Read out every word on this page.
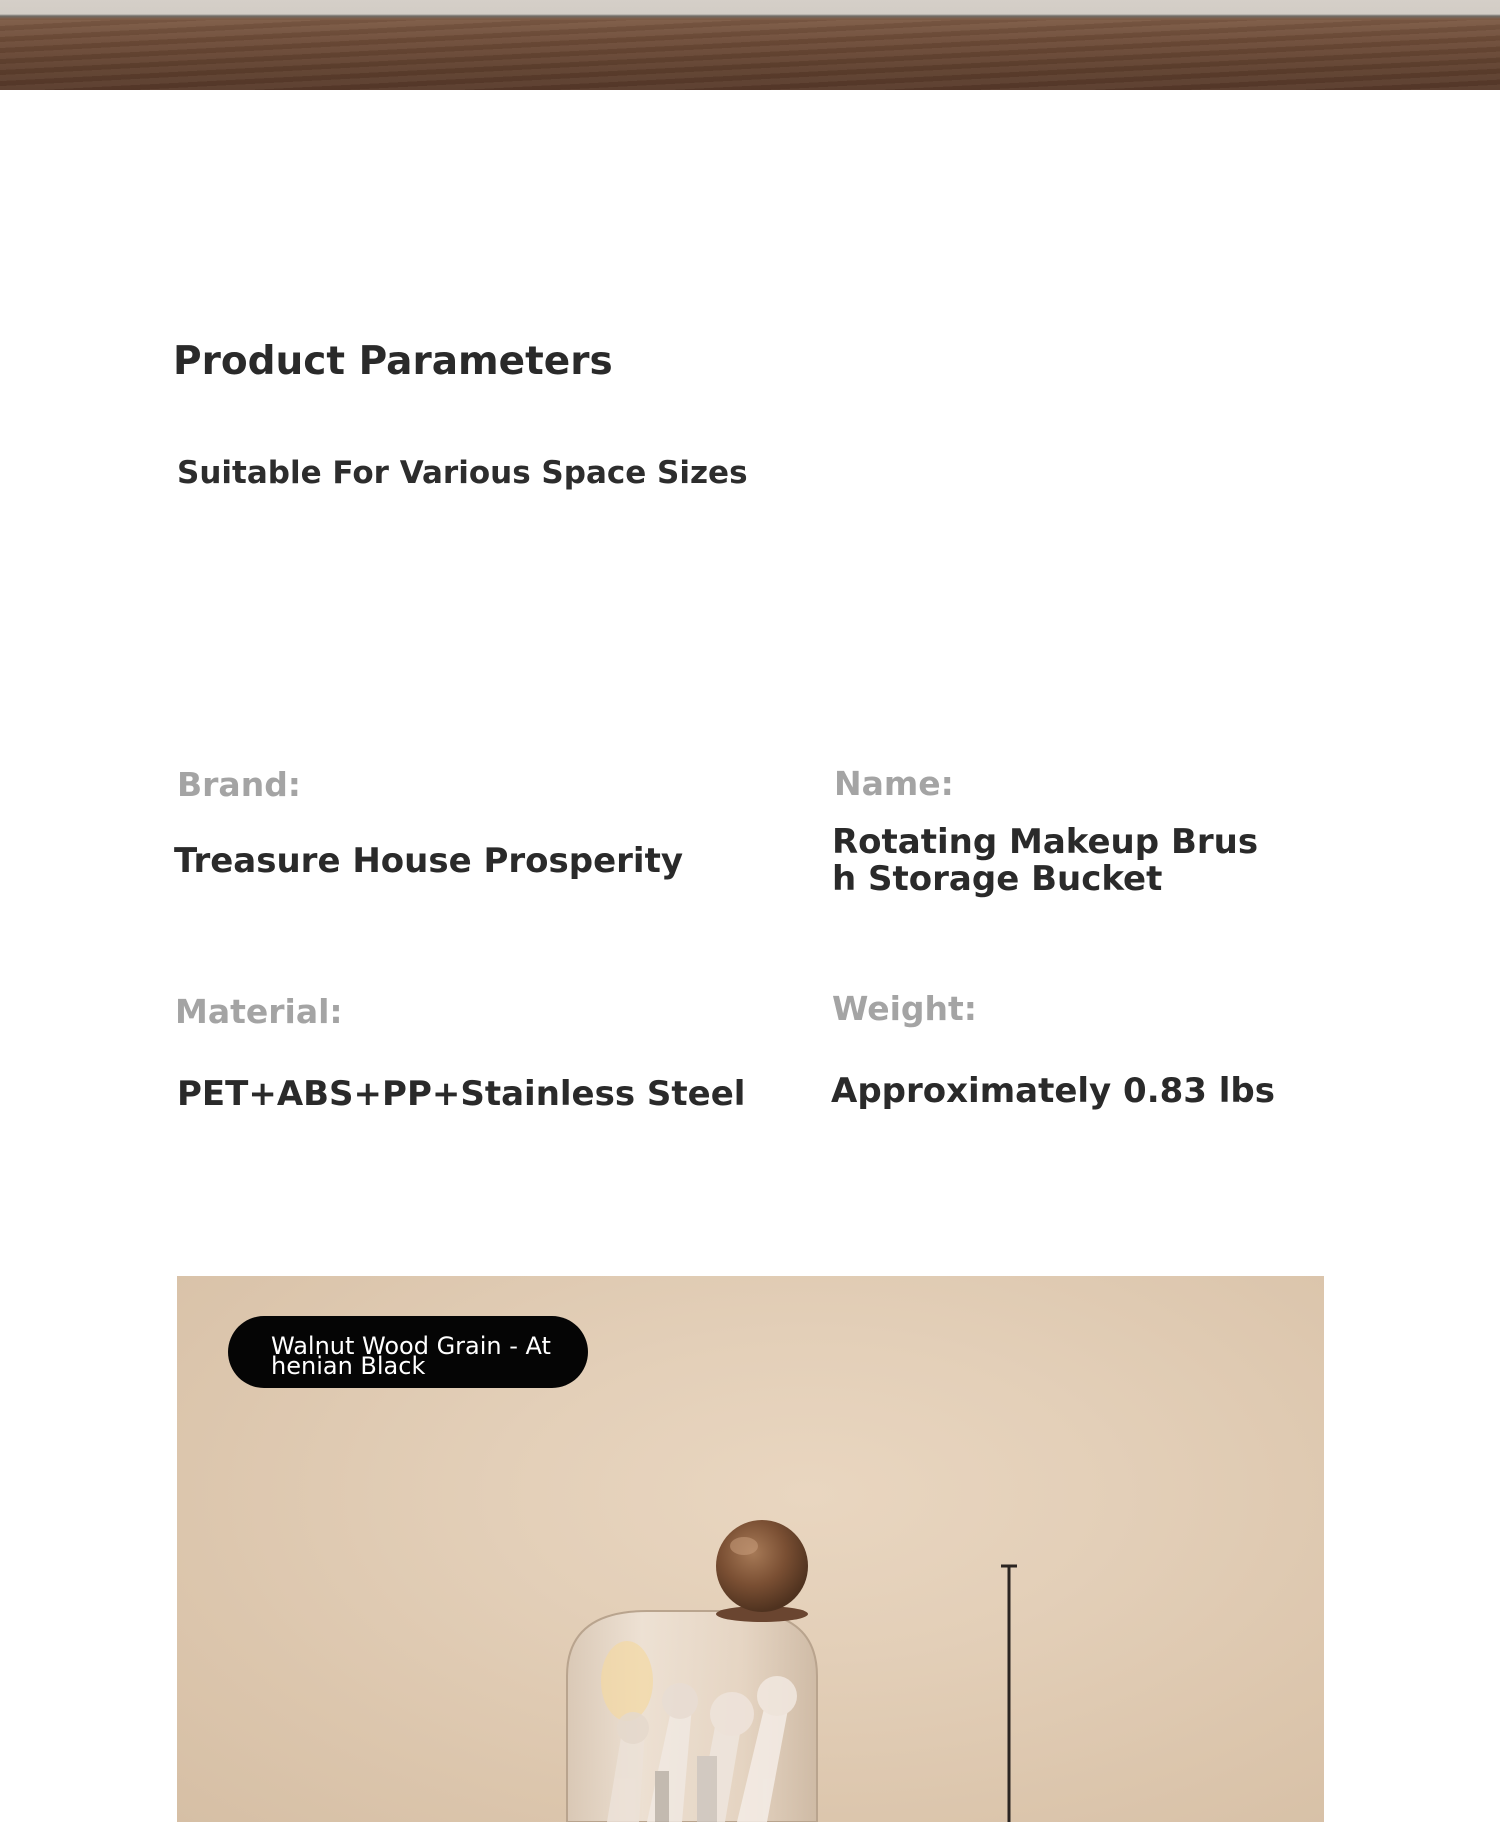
Product Parameters
Suitable For Various Space Sizes
Brand:
Treasure House Prosperity
Name:
Rotating Makeup Brush Storage Bucket
Material:
PET+ABS+PP+Stainless Steel
Weight:
Approximately 0.83 lbs
Walnut Wood Grain - Athenian Black
